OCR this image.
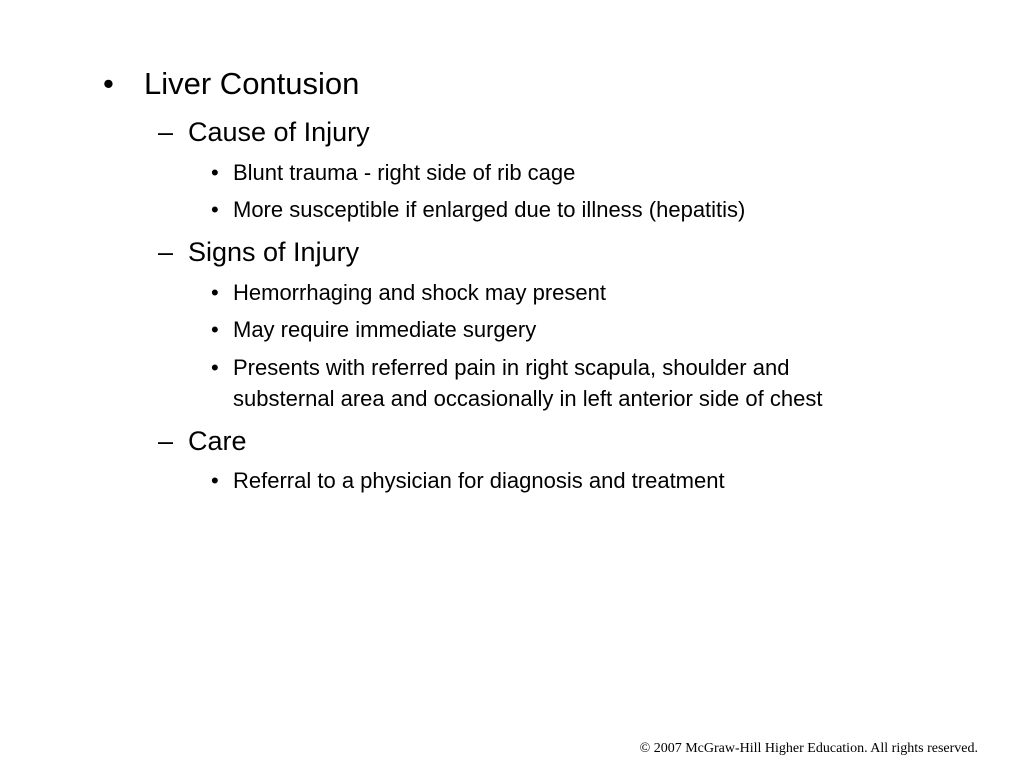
• Liver Contusion
– Cause of Injury
• Blunt trauma - right side of rib cage
• More susceptible if enlarged due to illness (hepatitis)
– Signs of Injury
• Hemorrhaging and shock may present
• May require immediate surgery
• Presents with referred pain in right scapula, shoulder and
substernal area and occasionally in left anterior side of chest
– Care
• Referral to a physician for diagnosis and treatment
© 2007 McGraw-Hill Higher Education. All rights reserved.
